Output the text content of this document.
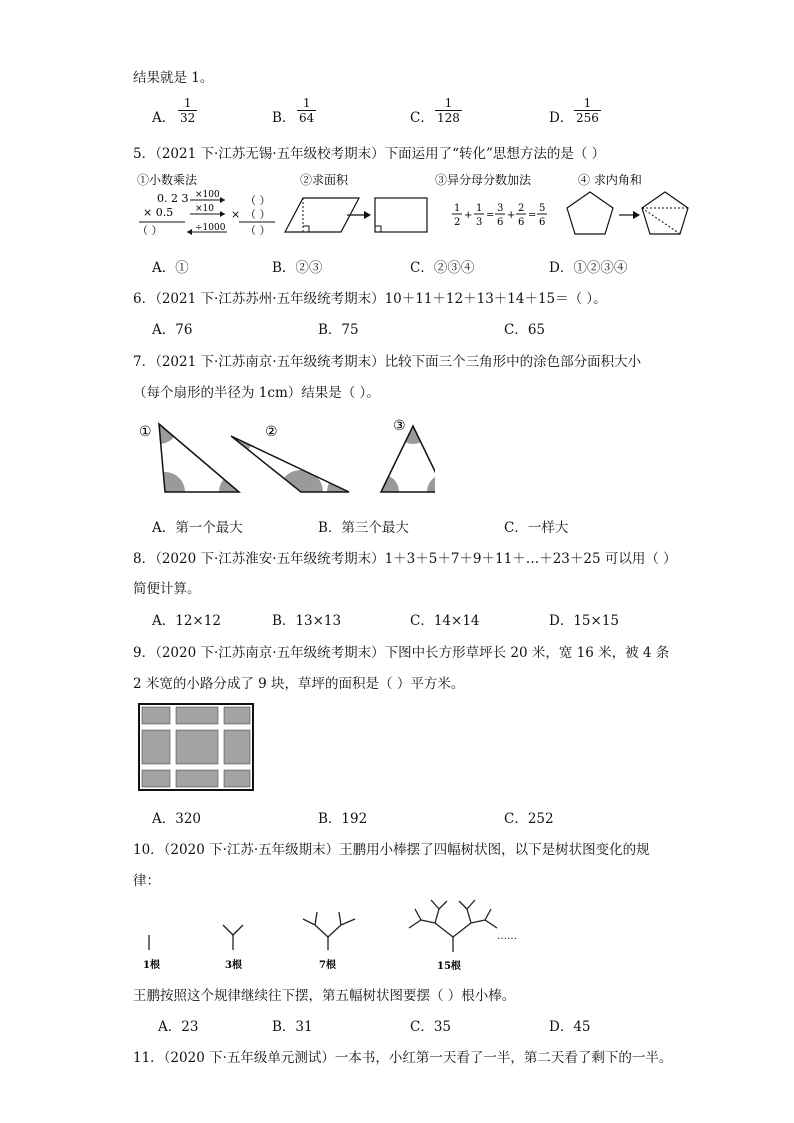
结果就是 1。
A． $\frac{1}{32}$	B． $\frac{1}{64}$	C． $\frac{1}{128}$	D． $\frac{1}{256}$
5．（2021 下·江苏无锡·五年级校考期末）下面运用了“转化”思想方法的是（ ）
①小数乘法
0. 2 3 ×100 （ ）
× 0.5 ×10 × （ ）
（ ）	÷1000 （ ）
②求面积	③异分母分数加法
1
2
+
1
3
=
3
6
+
2
6
=
5
6
④ 求内角和
A．①	B．②③	C．②③④	D．①②③④
6．（2021 下·江苏苏州·五年级统考期末）10＋11＋12＋13＋14＋15＝（ ）。
A．76	B．75	C．65
7．（2021 下·江苏南京·五年级统考期末）比较下面三个三角形中的涂色部分面积大小
（每个扇形的半径为 1cm）结果是（ ）。
①	②	③
A．第一个最大	B．第三个最大	C．一样大
8．（2020 下·江苏淮安·五年级统考期末）1＋3＋5＋7＋9＋11＋…＋23＋25 可以用（ ）
简便计算。
A．12×12	B．13×13	C．14×14	D．15×15
9．（2020 下·江苏南京·五年级统考期末）下图中长方形草坪长 20 米，宽 16 米，被 4 条
2 米宽的小路分成了 9 块，草坪的面积是（ ）平方米。
A．320	B．192	C．252
10．（2020 下·江苏·五年级期末）王鹏用小棒摆了四幅树状图，以下是树状图变化的规
律：
……
1根	3根	7根	15根
王鹏按照这个规律继续往下摆，第五幅树状图要摆（ ）根小棒。
A．23	B．31	C．35	D．45
11．（2020 下·五年级单元测试）一本书，小红第一天看了一半，第二天看了剩下的一半。
